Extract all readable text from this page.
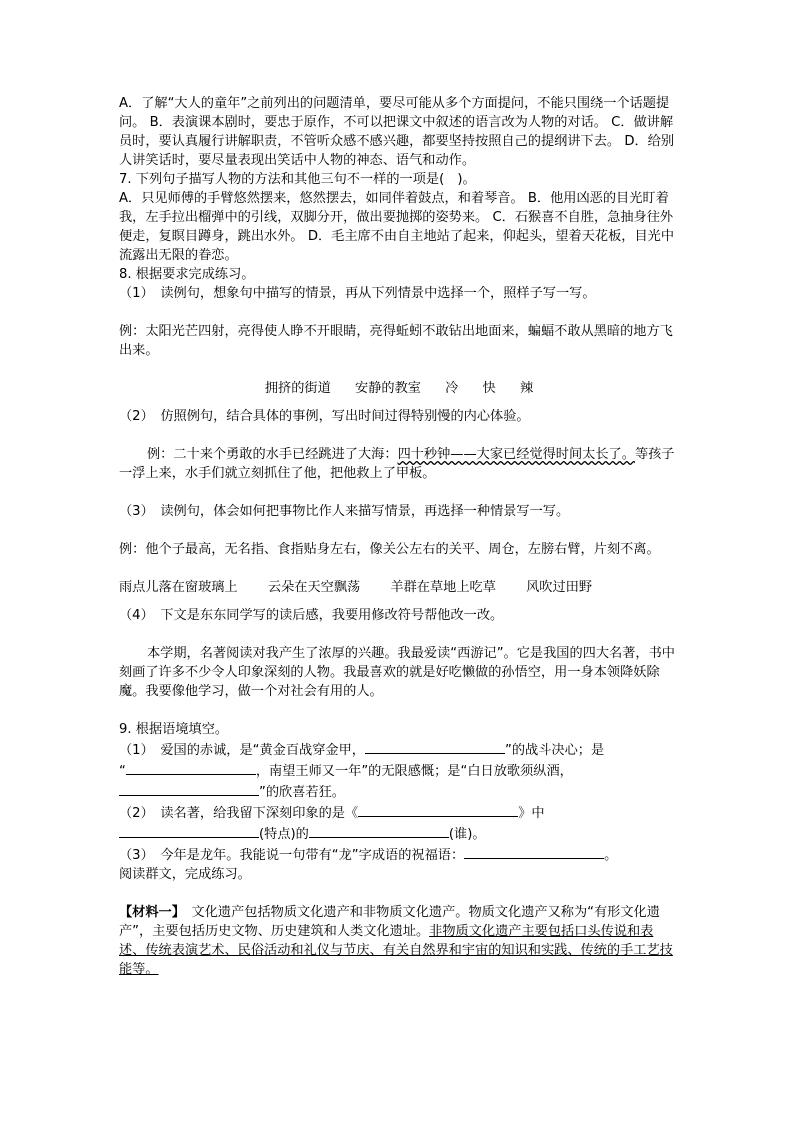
A．了解“大人的童年”之前列出的问题清单，要尽可能从多个方面提问，不能只围绕一个话题提问。 B．表演课本剧时，要忠于原作，不可以把课文中叙述的语言改为人物的对话。 C．做讲解员时，要认真履行讲解职责，不管听众感不感兴趣，都要坚持按照自己的提纲讲下去。 D．给别人讲笑话时，要尽量表现出笑话中人物的神态、语气和动作。

7. 下列句子描写人物的方法和其他三句不一样的一项是(　)。

A．只见师傅的手臂悠然摆来，悠然摆去，如同伴着鼓点，和着琴音。 B．他用凶恶的目光盯着我，左手拉出榴弹中的引线，双脚分开，做出要抛掷的姿势来。 C．石猴喜不自胜，急抽身往外便走，复瞑目蹲身，跳出水外。 D．毛主席不由自主地站了起来，仰起头，望着天花板，目光中流露出无限的眷恋。

8. 根据要求完成练习。

（1）　读例句，想象句中描写的情景，再从下列情景中选择一个，照样子写一写。

例：太阳光芒四射，亮得使人睁不开眼睛，亮得蚯蚓不敢钻出地面来，蝙蝠不敢从黑暗的地方飞出来。

拥挤的街道 安静的教室 冷 快 辣

（2）　仿照例句，结合具体的事例，写出时间过得特别慢的内心体验。

例：二十来个勇敢的水手已经跳进了大海：四十秒钟——大家已经觉得时间太长了。等孩子一浮上来，水手们就立刻抓住了他，把他救上了甲板。

（3）　读例句，体会如何把事物比作人来描写情景，再选择一种情景写一写。

例：他个子最高，无名指、食指贴身左右，像关公左右的关平、周仓，左膀右臂，片刻不离。

雨点儿落在窗玻璃上 云朵在天空飘荡 羊群在草地上吃草 风吹过田野

（4）　下文是东东同学写的读后感，我要用修改符号帮他改一改。

本学期，名著阅读对我产生了浓厚的兴趣。我最爱读“西游记”。它是我国的四大名著，书中刻画了许多不少令人印象深刻的人物。我最喜欢的就是好吃懒做的孙悟空，用一身本领降妖除魔。我要像他学习，做一个对社会有用的人。

9. 根据语境填空。

（1）　爱国的赤诚，是“黄金百战穿金甲，	”的战斗决心；是
“	，南望王师又一年”的无限感慨；是“白日放歌须纵酒，
”的欣喜若狂。

（2）　读名著，给我留下深刻印象的是《	》中
(特点)的	(谁)。

（3）　今年是龙年。我能说一句带有“龙”字成语的祝福语：	。

阅读群文，完成练习。

【材料一】　文化遗产包括物质文化遗产和非物质文化遗产。物质文化遗产又称为“有形文化遗产”，主要包括历史文物、历史建筑和人类文化遗址。非物质文化遗产主要包括口头传说和表述、传统表演艺术、民俗活动和礼仪与节庆、有关自然界和宇宙的知识和实践、传统的手工艺技能等。
